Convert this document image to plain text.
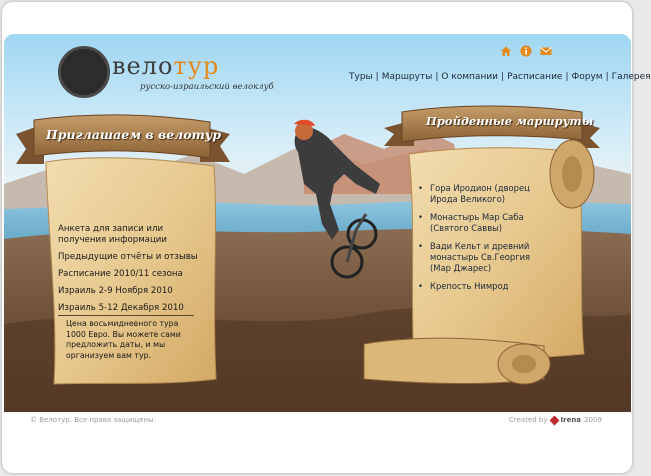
велотур
русско-израильский велоклуб
Туры | Маршруты | О компании | Расписание | Форум | Галерея
Приглашаем в велотур
Пройденные маршруты
Анкета для записи или получения информации
Предыдущие отчёты и отзывы
Расписание 2010/11 сезона
Израиль 2-9 Ноября 2010
Израиль 5-12 Декабря 2010
Цена восьмидневного тура 1000 Евро. Вы можете сами предложить даты, и мы организуем вам тур.
• Гора Иродион (дворец Ирода Великого)
• Монастырь Мар Саба (Святого Саввы)
• Вади Кельт и древний монастырь Св.Георгия (Мар Джарес)
• Крепость Нимрод
© Велотур. Все права защищены.	Created by Irena 2009
